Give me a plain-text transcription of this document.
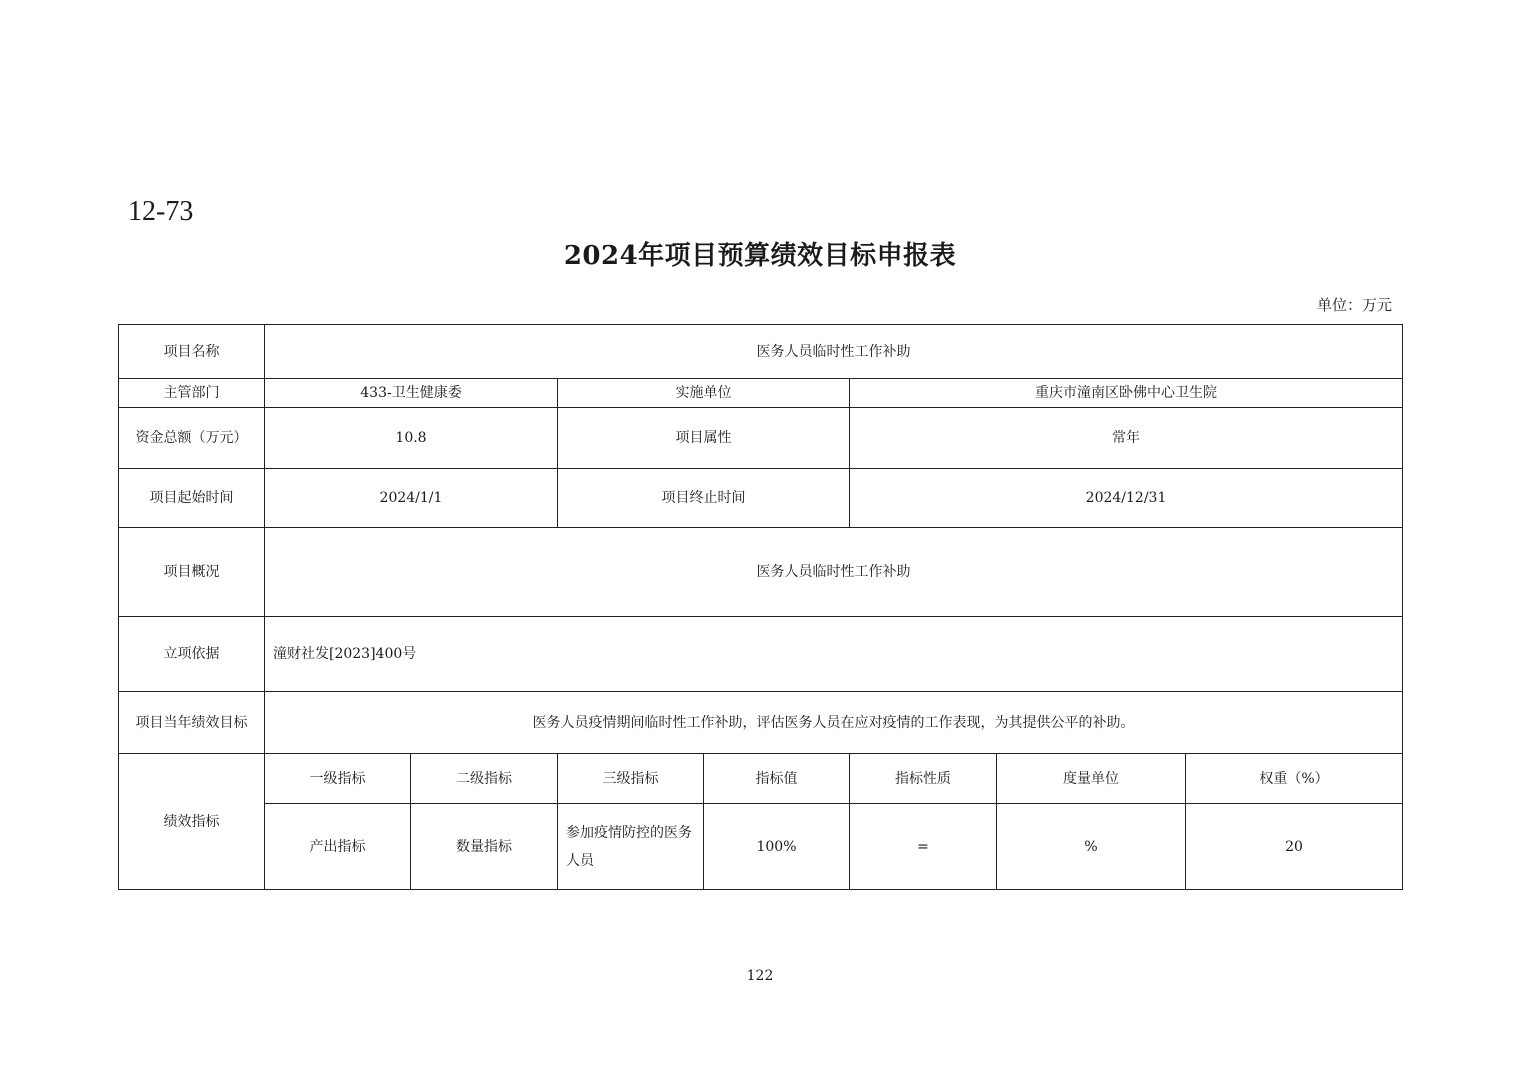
12-73
2024年项目预算绩效目标申报表
单位：万元
项目名称	医务人员临时性工作补助						
主管部门	433-卫生健康委		实施单位		重庆市潼南区卧佛中心卫生院		
资金总额（万元）	10.8		项目属性		常年		
项目起始时间	2024/1/1		项目终止时间		2024/12/31		
项目概况	医务人员临时性工作补助						
立项依据	潼财社发[2023]400号						
项目当年绩效目标	医务人员疫情期间临时性工作补助，评估医务人员在应对疫情的工作表现，为其提供公平的补助。						
绩效指标	一级指标	二级指标	三级指标	指标值	指标性质	度量单位	权重（%）
	产出指标	数量指标	参加疫情防控的医务人员	100%	=	%	20
122
